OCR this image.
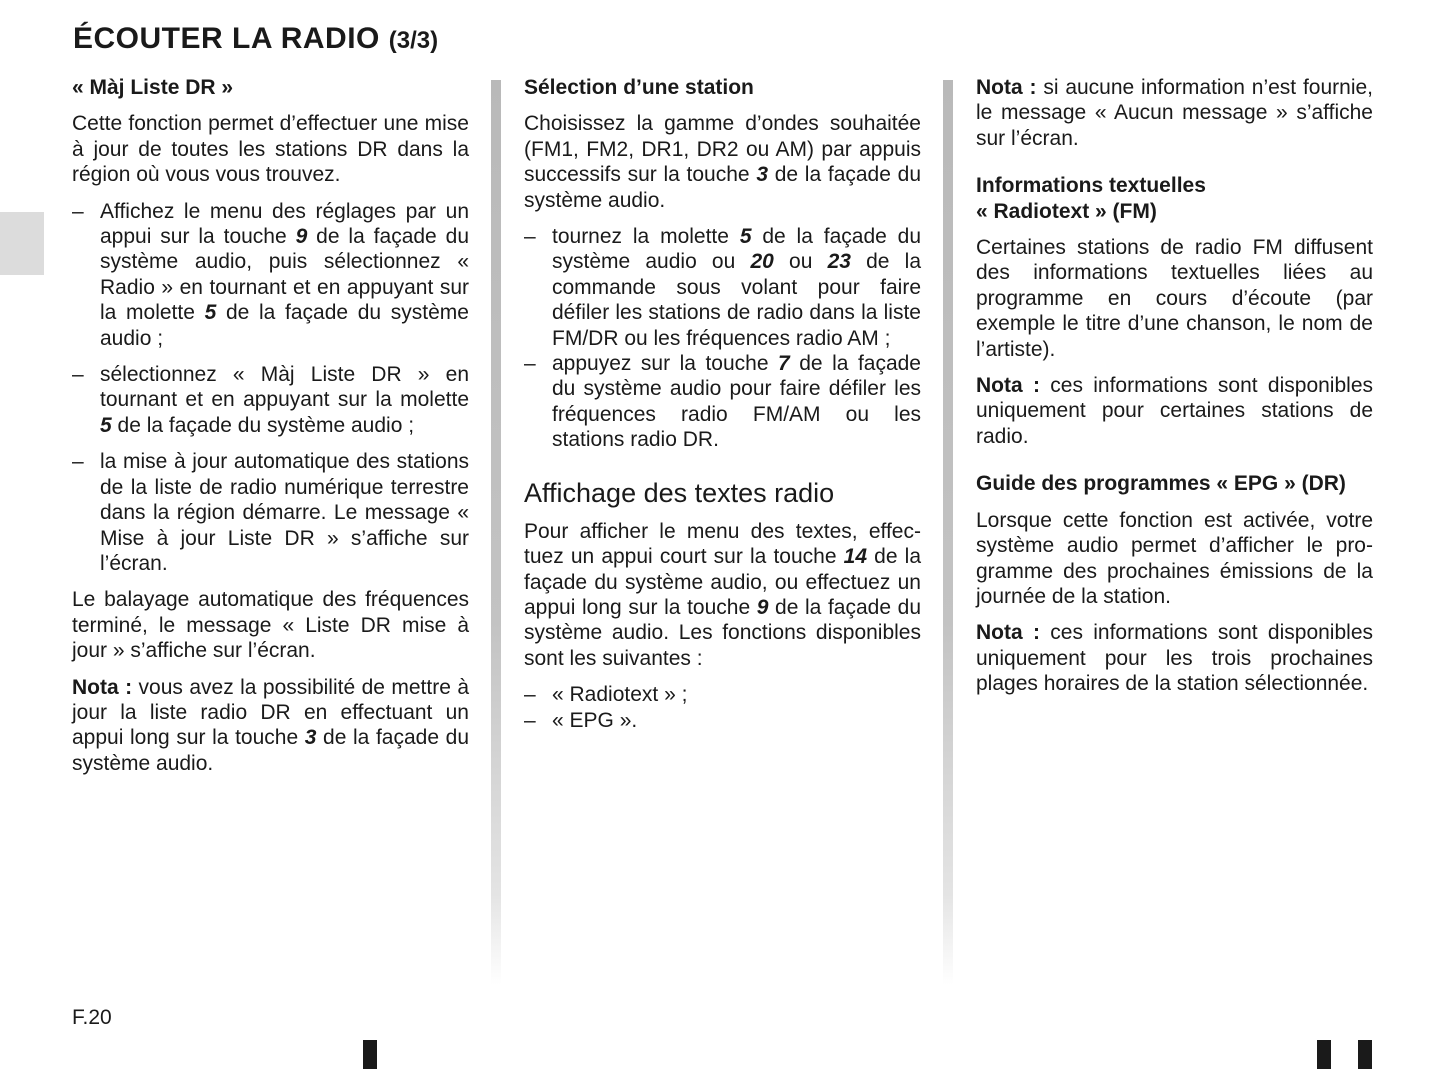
ÉCOUTER LA RADIO (3/3)
« Màj Liste DR »

Cette fonction permet d’effectuer une mise à jour de toutes les stations DR dans la région où vous vous trouvez.

– Affichez le menu des réglages par un appui sur la touche 9 de la façade du système audio, puis sélectionnez « Radio » en tournant et en appuyant sur la molette 5 de la façade du système audio ;
– sélectionnez « Màj Liste DR » en tournant et en appuyant sur la molette 5 de la façade du système audio ;
– la mise à jour automatique des stations de la liste de radio numérique terrestre dans la région démarre. Le message « Mise à jour Liste DR » s’affiche sur l’écran.

Le balayage automatique des fréquences terminé, le message « Liste DR mise à jour » s’affiche sur l’écran.

Nota : vous avez la possibilité de mettre à jour la liste radio DR en effectuant un appui long sur la touche 3 de la façade du système audio.

Sélection d’une station

Choisissez la gamme d’ondes souhaitée (FM1, FM2, DR1, DR2 ou AM) par appuis successifs sur la touche 3 de la façade du système audio.

– tournez la molette 5 de la façade du système audio ou 20 ou 23 de la commande sous volant pour faire défiler les stations de radio dans la liste FM/DR ou les fréquences radio AM ;
– appuyez sur la touche 7 de la façade du système audio pour faire défiler les fréquences radio FM/AM ou les stations radio DR.
Affichage des textes radio

Pour afficher le menu des textes, effectuez un appui court sur la touche 14 de la façade du système audio, ou effectuez un appui long sur la touche 9 de la façade du système audio. Les fonctions disponibles sont les suivantes :

– « Radiotext » ;
– « EPG ».

Nota : si aucune information n’est fournie, le message « Aucun message » s’affiche sur l’écran.

Informations textuelles
« Radiotext » (FM)

Certaines stations de radio FM diffusent des informations textuelles liées au programme en cours d’écoute (par exemple le titre d’une chanson, le nom de l’artiste).

Nota : ces informations sont disponibles uniquement pour certaines stations de radio.

Guide des programmes « EPG » (DR)

Lorsque cette fonction est activée, votre système audio permet d’afficher le programme des prochaines émissions de la journée de la station.

Nota : ces informations sont disponibles uniquement pour les trois prochaines plages horaires de la station sélectionnée.

F.20
